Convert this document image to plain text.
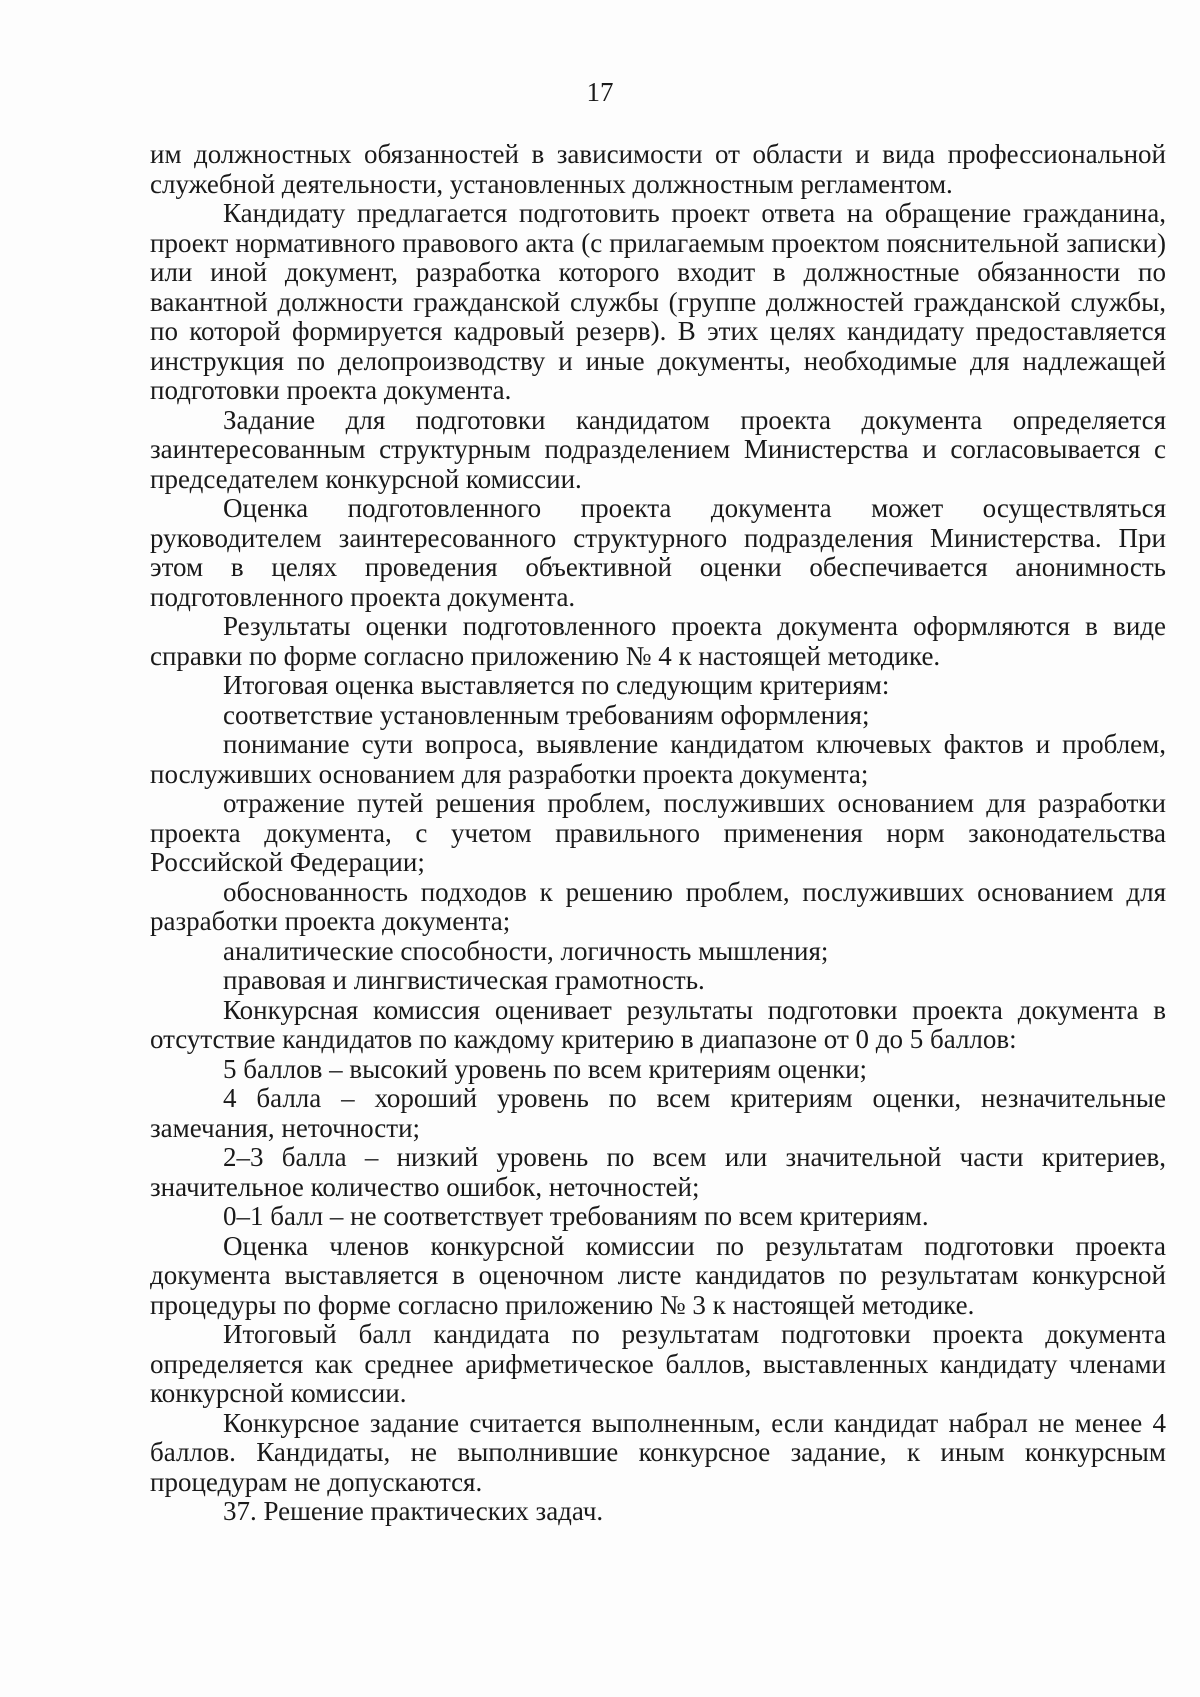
17

им должностных обязанностей в зависимости от области и вида профессиональной служебной деятельности, установленных должностным регламентом.

Кандидату предлагается подготовить проект ответа на обращение гражданина, проект нормативного правового акта (с прилагаемым проектом пояснительной записки) или иной документ, разработка которого входит в должностные обязанности по вакантной должности гражданской службы (группе должностей гражданской службы, по которой формируется кадровый резерв). В этих целях кандидату предоставляется инструкция по делопроизводству и иные документы, необходимые для надлежащей подготовки проекта документа.

Задание для подготовки кандидатом проекта документа определяется заинтересованным структурным подразделением Министерства и согласовывается с председателем конкурсной комиссии.

Оценка подготовленного проекта документа может осуществляться руководителем заинтересованного структурного подразделения Министерства. При этом в целях проведения объективной оценки обеспечивается анонимность подготовленного проекта документа.

Результаты оценки подготовленного проекта документа оформляются в виде справки по форме согласно приложению № 4 к настоящей методике.

Итоговая оценка выставляется по следующим критериям:

соответствие установленным требованиям оформления;

понимание сути вопроса, выявление кандидатом ключевых фактов и проблем, послуживших основанием для разработки проекта документа;

отражение путей решения проблем, послуживших основанием для разработки проекта документа, с учетом правильного применения норм законодательства Российской Федерации;

обоснованность подходов к решению проблем, послуживших основанием для разработки проекта документа;

аналитические способности, логичность мышления;

правовая и лингвистическая грамотность.

Конкурсная комиссия оценивает результаты подготовки проекта документа в отсутствие кандидатов по каждому критерию в диапазоне от 0 до 5 баллов:

5 баллов – высокий уровень по всем критериям оценки;

4 балла – хороший уровень по всем критериям оценки, незначительные замечания, неточности;

2–3 балла – низкий уровень по всем или значительной части критериев, значительное количество ошибок, неточностей;

0–1 балл – не соответствует требованиям по всем критериям.

Оценка членов конкурсной комиссии по результатам подготовки проекта документа выставляется в оценочном листе кандидатов по результатам конкурсной процедуры по форме согласно приложению № 3 к настоящей методике.

Итоговый балл кандидата по результатам подготовки проекта документа определяется как среднее арифметическое баллов, выставленных кандидату членами конкурсной комиссии.

Конкурсное задание считается выполненным, если кандидат набрал не менее 4 баллов. Кандидаты, не выполнившие конкурсное задание, к иным конкурсным процедурам не допускаются.

37. Решение практических задач.
